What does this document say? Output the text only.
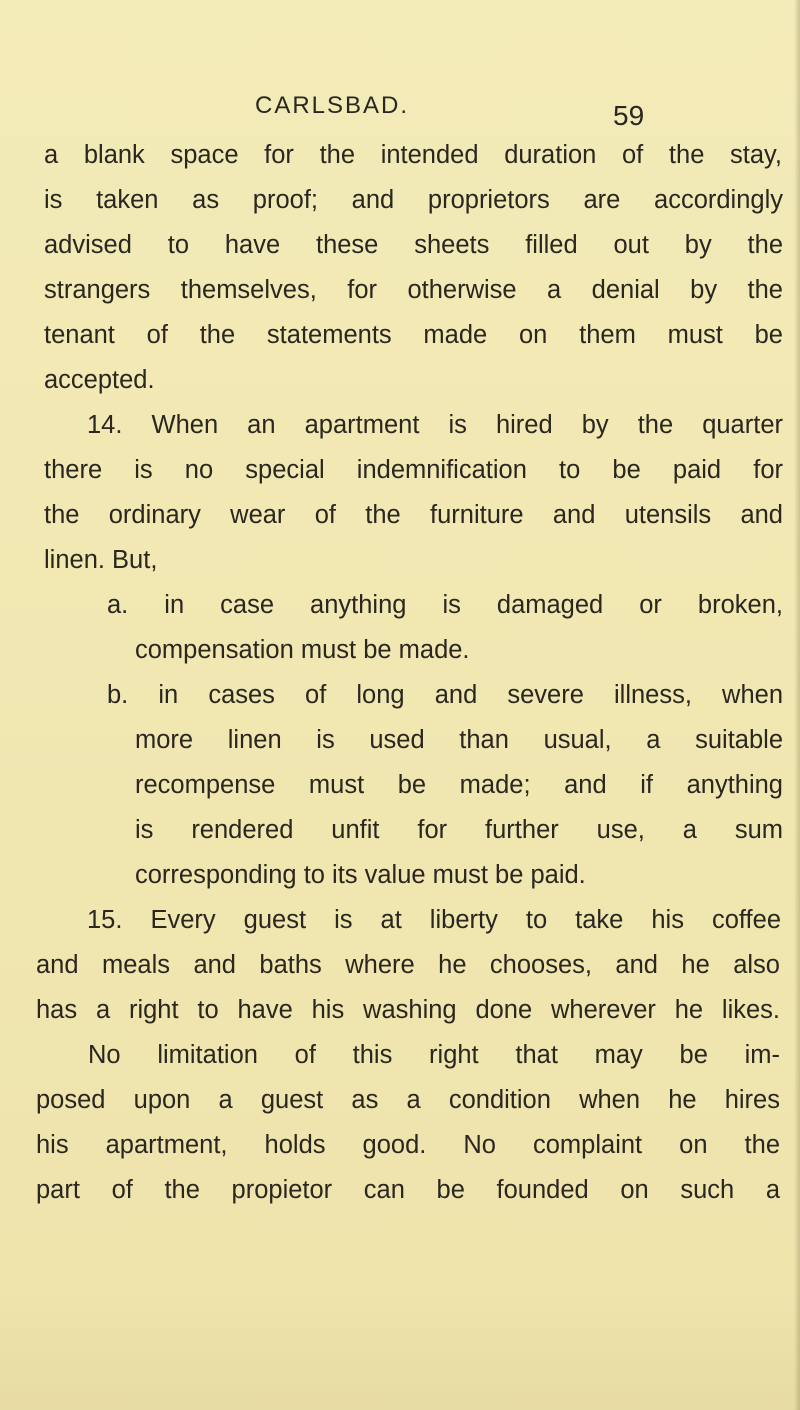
CARLSBAD.	59
a blank space for the intended duration of the stay,
is taken as proof; and proprietors are accordingly
advised to have these sheets filled out by the
strangers themselves, for otherwise a denial by the
tenant of the statements made on them must be
accepted.
14. When an apartment is hired by the quarter
there is no special indemnification to be paid for
the ordinary wear of the furniture and utensils and
linen. But,
a. in case anything is damaged or broken,
compensation must be made.
b. in cases of long and severe illness, when
more linen is used than usual, a suitable
recompense must be made; and if anything
is rendered unfit for further use, a sum
corresponding to its value must be paid.
15. Every guest is at liberty to take his coffee
and meals and baths where he chooses, and he also
has a right to have his washing done wherever he likes.
No limitation of this right that may be im-
posed upon a guest as a condition when he hires
his apartment, holds good. No complaint on the
part of the propietor can be founded on such a
